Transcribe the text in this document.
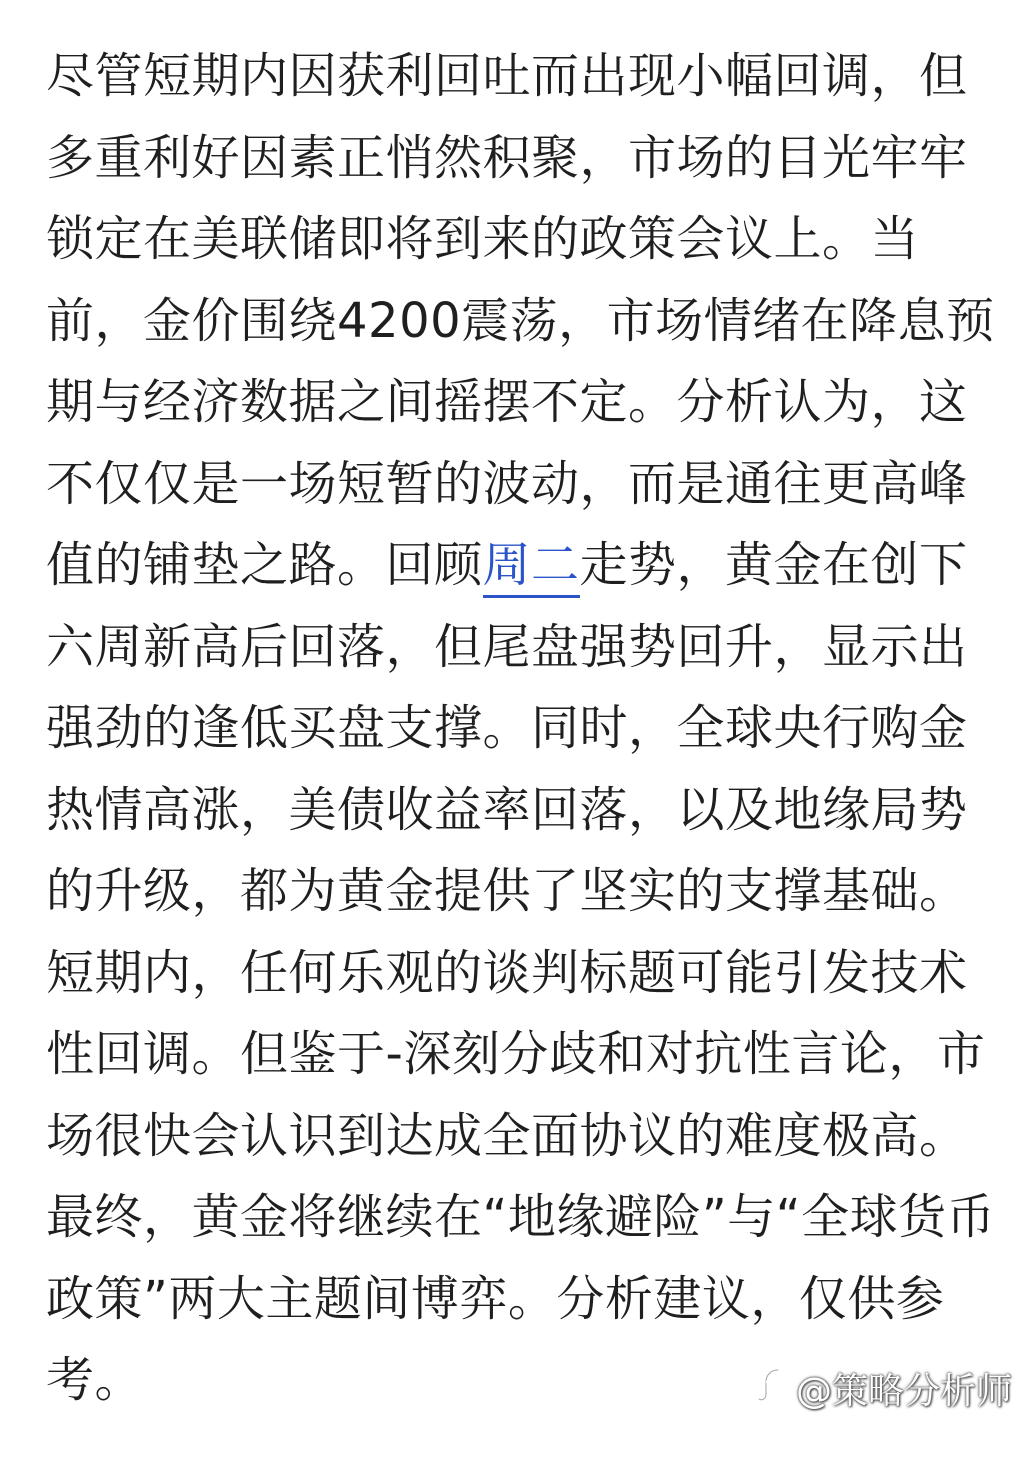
尽管短期内因获利回吐而出现小幅回调，但
多重利好因素正悄然积聚，市场的目光牢牢
锁定在美联储即将到来的政策会议上。当
前，金价围绕4200震荡，市场情绪在降息预
期与经济数据之间摇摆不定。分析认为，这
不仅仅是一场短暂的波动，而是通往更高峰
值的铺垫之路。回顾周二走势，黄金在创下
六周新高后回落，但尾盘强势回升，显示出
强劲的逢低买盘支撑。同时，全球央行购金
热情高涨，美债收益率回落，以及地缘局势
的升级，都为黄金提供了坚实的支撑基础。
短期内，任何乐观的谈判标题可能引发技术
性回调。但鉴于-深刻分歧和对抗性言论，市
场很快会认识到达成全面协议的难度极高。
最终，黄金将继续在“地缘避险”与“全球货币
政策”两大主题间博弈。分析建议，仅供参
考。	@策略分析师
